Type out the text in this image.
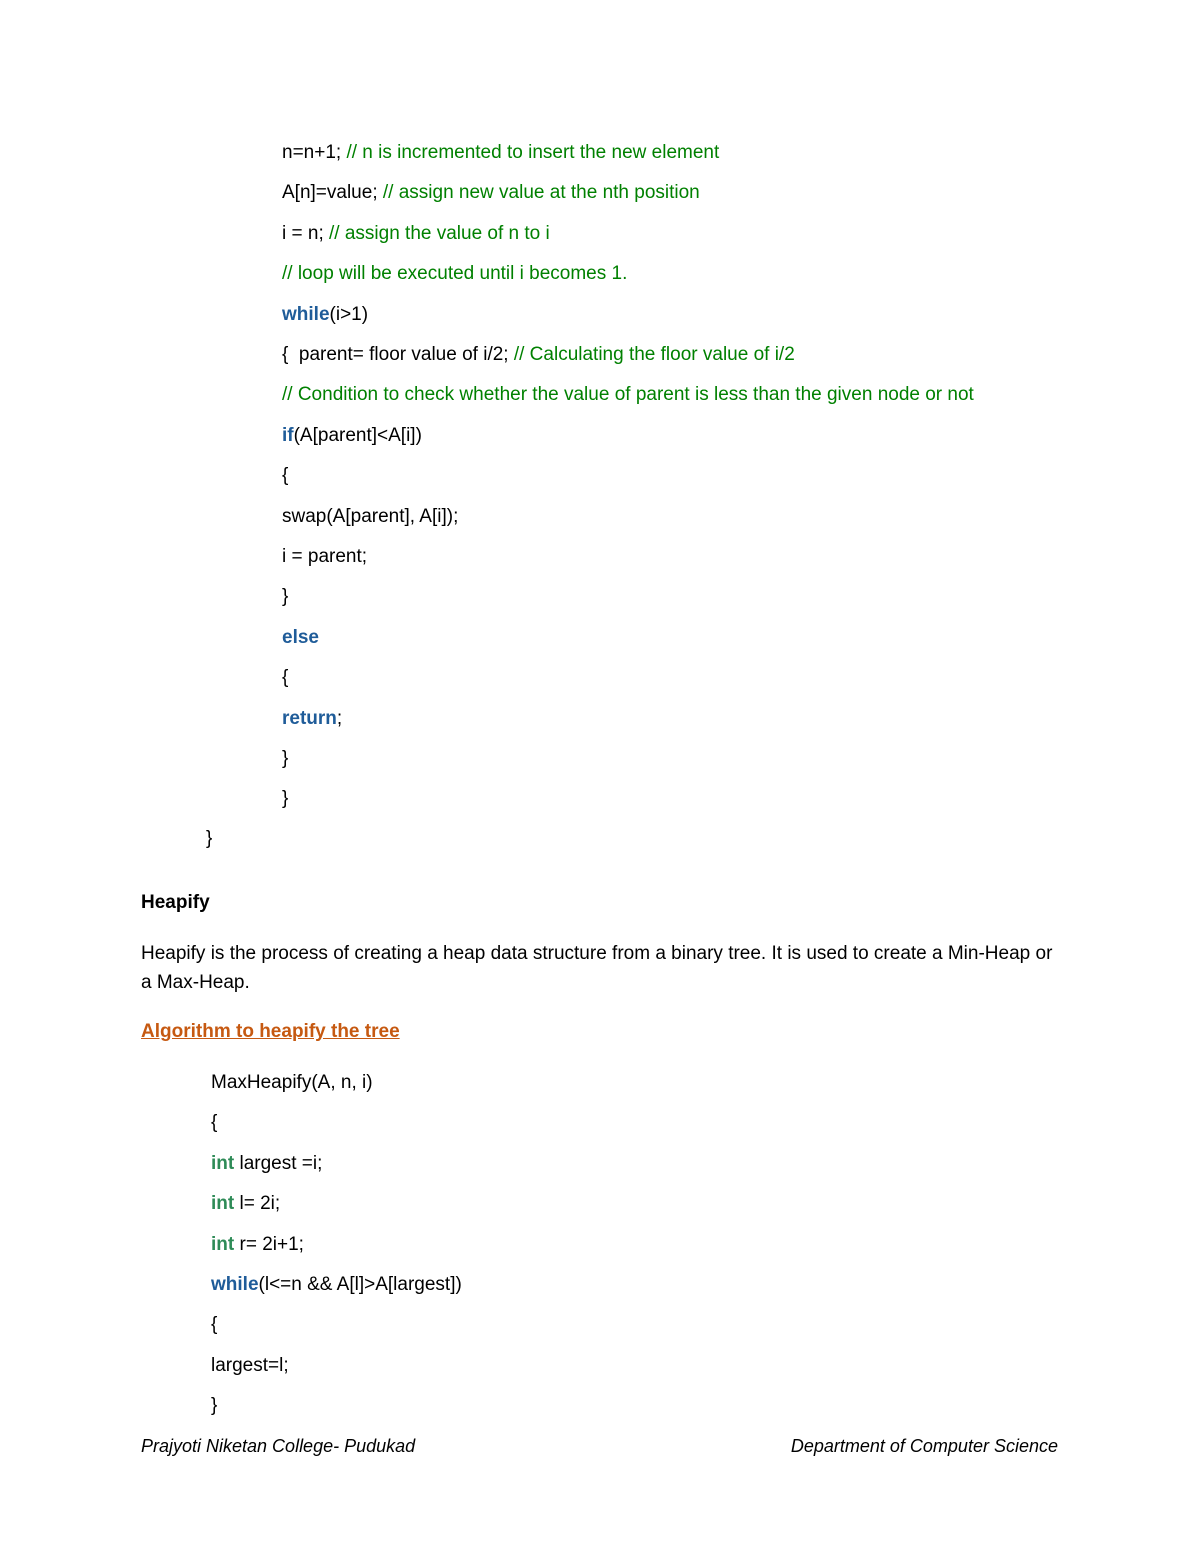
n=n+1; // n is incremented to insert the new element
A[n]=value; // assign new value at the nth position
i = n; // assign the value of n to i
// loop will be executed until i becomes 1.
while(i>1)
{  parent= floor value of i/2; // Calculating the floor value of i/2
// Condition to check whether the value of parent is less than the given node or not
if(A[parent]<A[i])
{
swap(A[parent], A[i]);
i = parent;
}
else
{
return;
}
}
}
Heapify
Heapify is the process of creating a heap data structure from a binary tree. It is used to create a Min-Heap or a Max-Heap.
Algorithm to heapify the tree
MaxHeapify(A, n, i)
{
int largest =i;
int l= 2i;
int r= 2i+1;
while(l<=n && A[l]>A[largest])
{
largest=l;
}
Prajyoti Niketan College- Pudukad	Department of Computer Science
